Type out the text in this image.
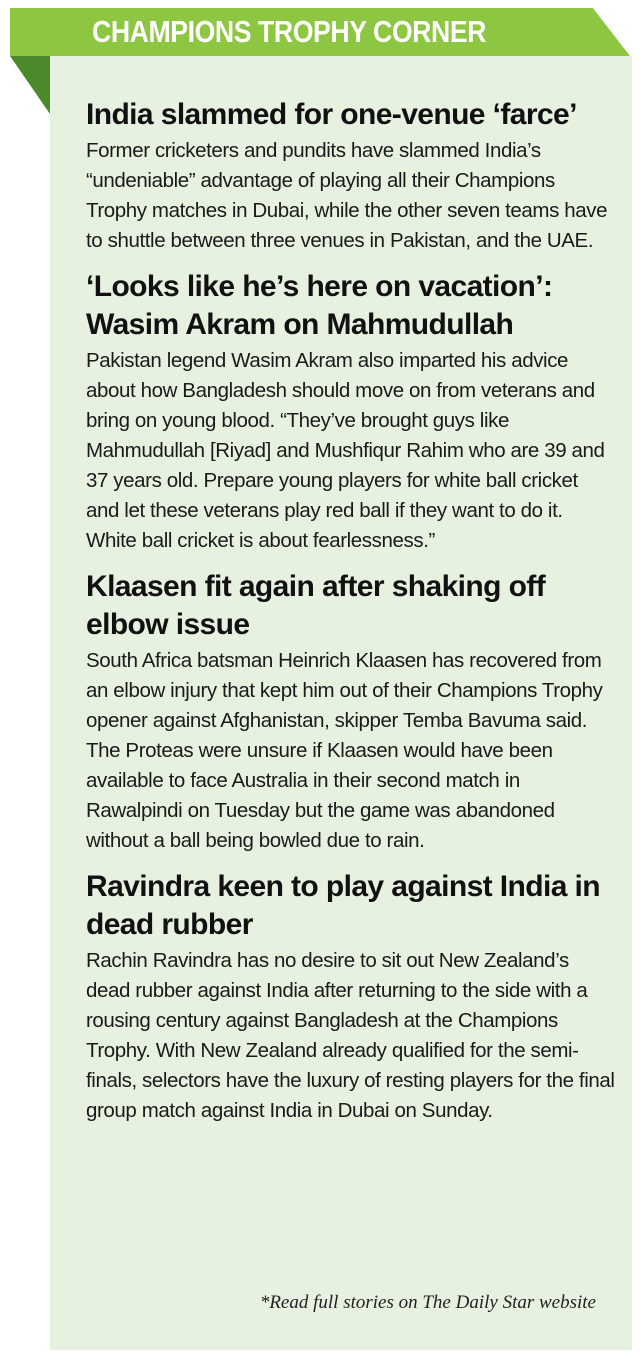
CHAMPIONS TROPHY CORNER
India slammed for one-venue ‘farce’

Former cricketers and pundits have slammed India’s “undeniable” advantage of playing all their Champions Trophy matches in Dubai, while the other seven teams have to shuttle between three venues in Pakistan, and the UAE.

‘Looks like he’s here on vacation’: Wasim Akram on Mahmudullah

Pakistan legend Wasim Akram also imparted his advice about how Bangladesh should move on from veterans and bring on young blood. “They’ve brought guys like Mahmudullah [Riyad] and Mushfiqur Rahim who are 39 and 37 years old. Prepare young players for white ball cricket and let these veterans play red ball if they want to do it. White ball cricket is about fearlessness.”

Klaasen fit again after shaking off elbow issue

South Africa batsman Heinrich Klaasen has recovered from an elbow injury that kept him out of their Champions Trophy opener against Afghanistan, skipper Temba Bavuma said. The Proteas were unsure if Klaasen would have been available to face Australia in their second match in Rawalpindi on Tuesday but the game was abandoned without a ball being bowled due to rain.

Ravindra keen to play against India in dead rubber

Rachin Ravindra has no desire to sit out New Zealand’s dead rubber against India after returning to the side with a rousing century against Bangladesh at the Champions Trophy. With New Zealand already qualified for the semi-finals, selectors have the luxury of resting players for the final group match against India in Dubai on Sunday.

*Read full stories on The Daily Star website
